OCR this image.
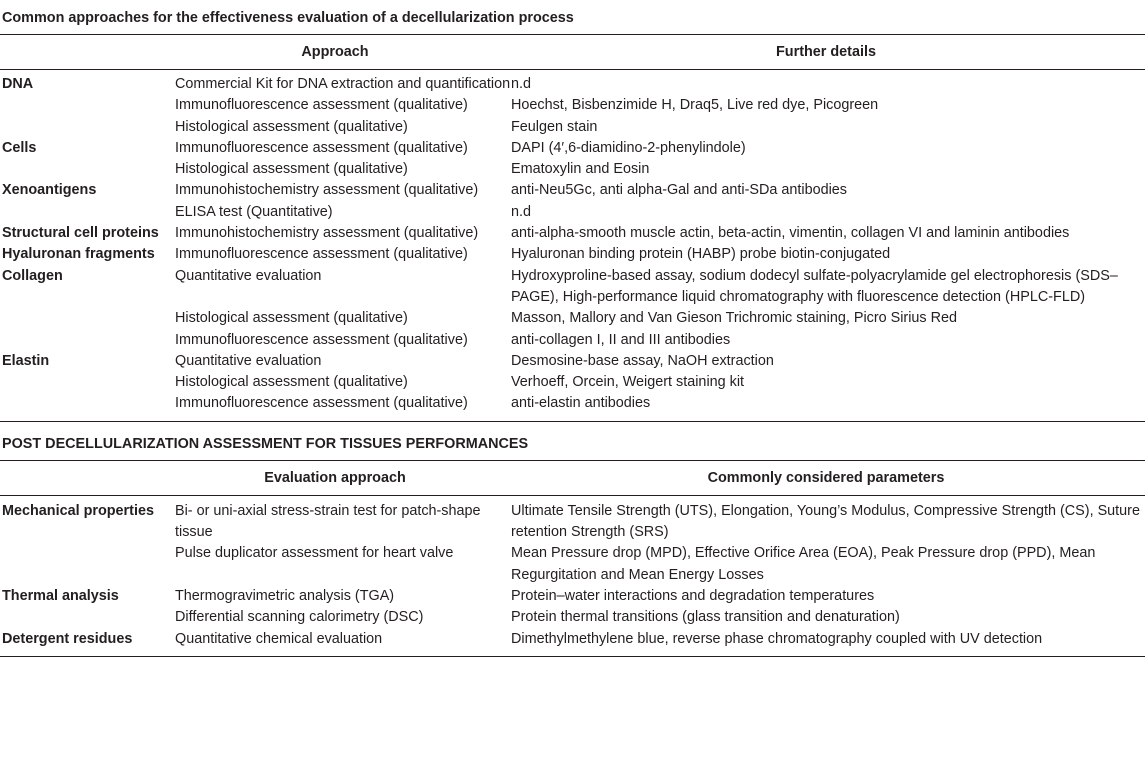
Common approaches for the effectiveness evaluation of a decellularization process
	Approach	Further details
DNA	Commercial Kit for DNA extraction and quantification	n.d
	Immunofluorescence assessment (qualitative)	Hoechst, Bisbenzimide H, Draq5, Live red dye, Picogreen
	Histological assessment (qualitative)	Feulgen stain
Cells	Immunofluorescence assessment (qualitative)	DAPI (4′,6-diamidino-2-phenylindole)
	Histological assessment (qualitative)	Ematoxylin and Eosin
Xenoantigens	Immunohistochemistry assessment (qualitative)	anti-Neu5Gc, anti alpha-Gal and anti-SDa antibodies
	ELISA test (Quantitative)	n.d
Structural cell proteins	Immunohistochemistry assessment (qualitative)	anti-alpha-smooth muscle actin, beta-actin, vimentin, collagen VI and laminin antibodies
Hyaluronan fragments	Immunofluorescence assessment (qualitative)	Hyaluronan binding protein (HABP) probe biotin-conjugated
Collagen	Quantitative evaluation	Hydroxyproline-based assay, sodium dodecyl sulfate-polyacrylamide gel electrophoresis (SDS–PAGE), High-performance liquid chromatography with fluorescence detection (HPLC-FLD)
	Histological assessment (qualitative)	Masson, Mallory and Van Gieson Trichromic staining, Picro Sirius Red
	Immunofluorescence assessment (qualitative)	anti-collagen I, II and III antibodies
Elastin	Quantitative evaluation	Desmosine-base assay, NaOH extraction
	Histological assessment (qualitative)	Verhoeff, Orcein, Weigert staining kit
	Immunofluorescence assessment (qualitative)	anti-elastin antibodies
POST DECELLULARIZATION ASSESSMENT FOR TISSUES PERFORMANCES
	Evaluation approach	Commonly considered parameters
Mechanical properties	Bi- or uni-axial stress-strain test for patch-shape tissue	Ultimate Tensile Strength (UTS), Elongation, Young’s Modulus, Compressive Strength (CS), Suture retention Strength (SRS)
	Pulse duplicator assessment for heart valve	Mean Pressure drop (MPD), Effective Orifice Area (EOA), Peak Pressure drop (PPD), Mean Regurgitation and Mean Energy Losses
Thermal analysis	Thermogravimetric analysis (TGA)	Protein–water interactions and degradation temperatures
	Differential scanning calorimetry (DSC)	Protein thermal transitions (glass transition and denaturation)
Detergent residues	Quantitative chemical evaluation	Dimethylmethylene blue, reverse phase chromatography coupled with UV detection
